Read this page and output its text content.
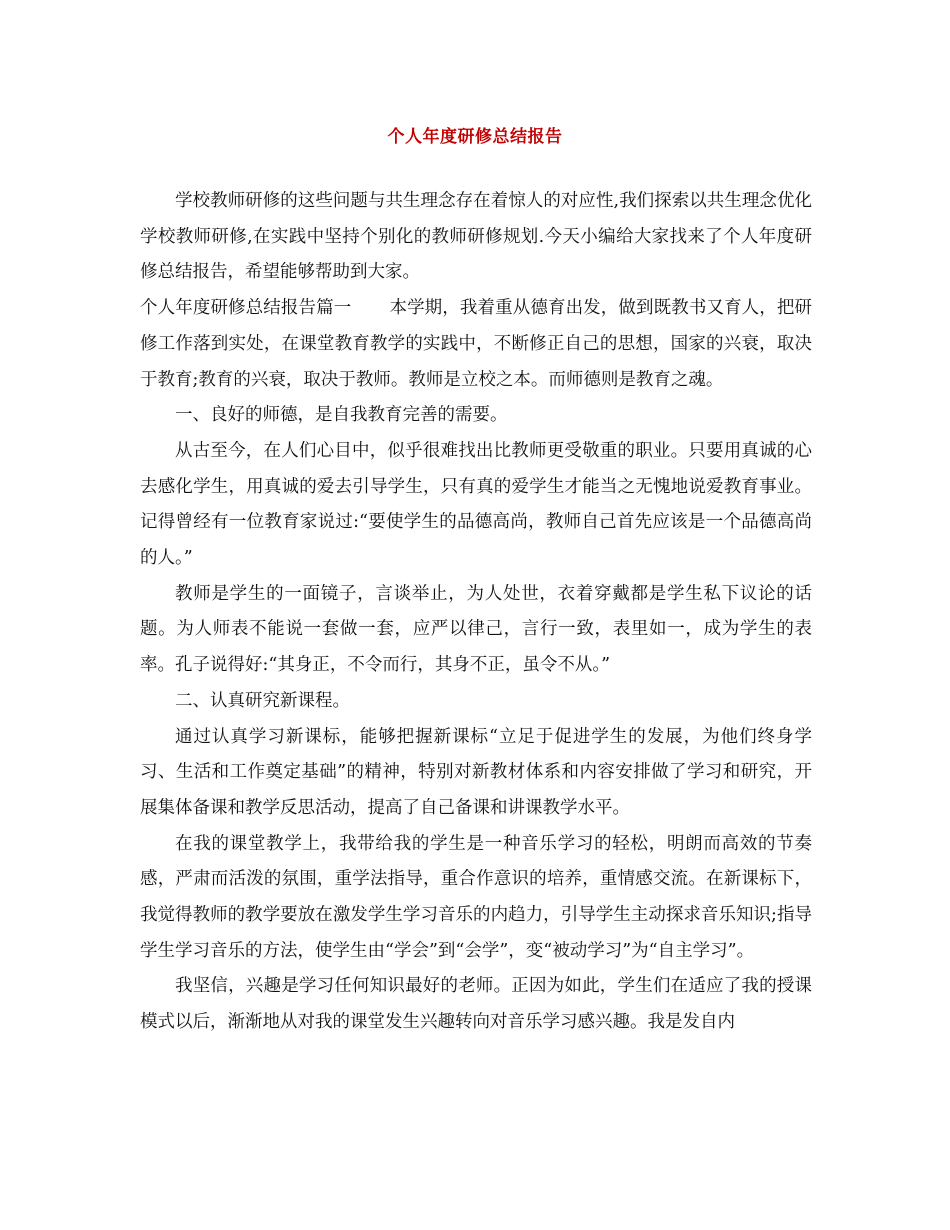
个人年度研修总结报告

学校教师研修的这些问题与共生理念存在着惊人的对应性,我们探索以共生理念优化学校教师研修,在实践中坚持个别化的教师研修规划.今天小编给大家找来了个人年度研修总结报告，希望能够帮助到大家。

个人年度研修总结报告篇一 本学期，我着重从德育出发，做到既教书又育人，把研修工作落到实处，在课堂教育教学的实践中，不断修正自己的思想，国家的兴衰，取决于教育;教育的兴衰，取决于教师。教师是立校之本。而师德则是教育之魂。

一、良好的师德，是自我教育完善的需要。

从古至今，在人们心目中，似乎很难找出比教师更受敬重的职业。只要用真诚的心去感化学生，用真诚的爱去引导学生，只有真的爱学生才能当之无愧地说爱教育事业。记得曾经有一位教育家说过:“要使学生的品德高尚，教师自己首先应该是一个品德高尚的人。”

教师是学生的一面镜子，言谈举止，为人处世，衣着穿戴都是学生私下议论的话题。为人师表不能说一套做一套，应严以律己，言行一致，表里如一，成为学生的表率。孔子说得好:“其身正，不令而行，其身不正，虽令不从。”

二、认真研究新课程。

通过认真学习新课标，能够把握新课标“立足于促进学生的发展，为他们终身学习、生活和工作奠定基础”的精神，特别对新教材体系和内容安排做了学习和研究，开展集体备课和教学反思活动，提高了自己备课和讲课教学水平。

在我的课堂教学上，我带给我的学生是一种音乐学习的轻松，明朗而高效的节奏感，严肃而活泼的氛围，重学法指导，重合作意识的培养，重情感交流。在新课标下，我觉得教师的教学要放在激发学生学习音乐的内趋力，引导学生主动探求音乐知识;指导学生学习音乐的方法，使学生由“学会”到“会学”，变“被动学习”为“自主学习”。

我坚信，兴趣是学习任何知识最好的老师。正因为如此，学生们在适应了我的授课模式以后，渐渐地从对我的课堂发生兴趣转向对音乐学习感兴趣。我是发自内
